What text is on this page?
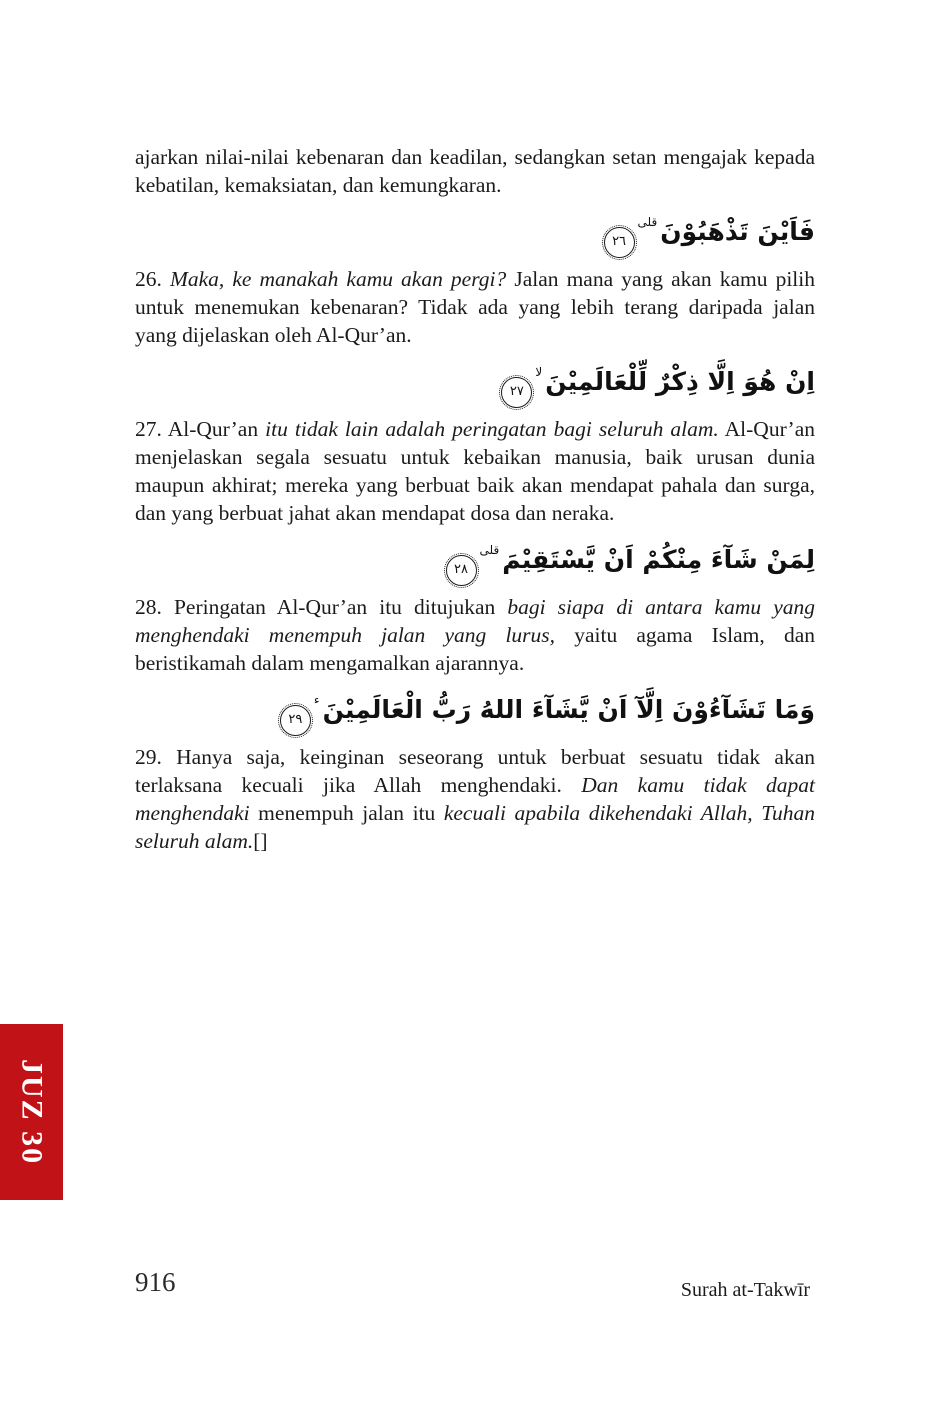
ajarkan nilai-nilai kebenaran dan keadilan, sedangkan setan mengajak kepada kebatilan, kemaksiatan, dan kemungkaran.

فَاَيْنَ تَذْهَبُوْنَقلى٢٦

26. Maka, ke manakah kamu akan pergi? Jalan mana yang akan kamu pilih untuk menemukan kebenaran? Tidak ada yang lebih terang daripada jalan yang dijelaskan oleh Al-Qur’an.

اِنْ هُوَ اِلَّا ذِكْرٌ لِّلْعَالَمِيْنَلا٢٧

27. Al-Qur’an itu tidak lain adalah peringatan bagi seluruh alam. Al-Qur’an menjelaskan segala sesuatu untuk kebaikan manusia, baik urusan dunia maupun akhirat; mereka yang berbuat baik akan mendapat pahala dan surga, dan yang berbuat jahat akan mendapat dosa dan neraka.

لِمَنْ شَآءَ مِنْكُمْ اَنْ يَّسْتَقِيْمَقلى٢٨

28. Peringatan Al-Qur’an itu ditujukan bagi siapa di antara kamu yang menghendaki menempuh jalan yang lurus, yaitu agama Islam, dan beristikamah dalam mengamalkan ajarannya.

وَمَا تَشَآءُوْنَ اِلَّآ اَنْ يَّشَآءَ اللهُ رَبُّ الْعَالَمِيْنَء٢٩

29. Hanya saja, keinginan seseorang untuk berbuat sesuatu tidak akan terlaksana kecuali jika Allah menghendaki. Dan kamu tidak dapat menghendaki menempuh jalan itu kecuali apabila dikehendaki Allah, Tuhan seluruh alam.[]

JUZ 30
916	Surah at-Takwīr
